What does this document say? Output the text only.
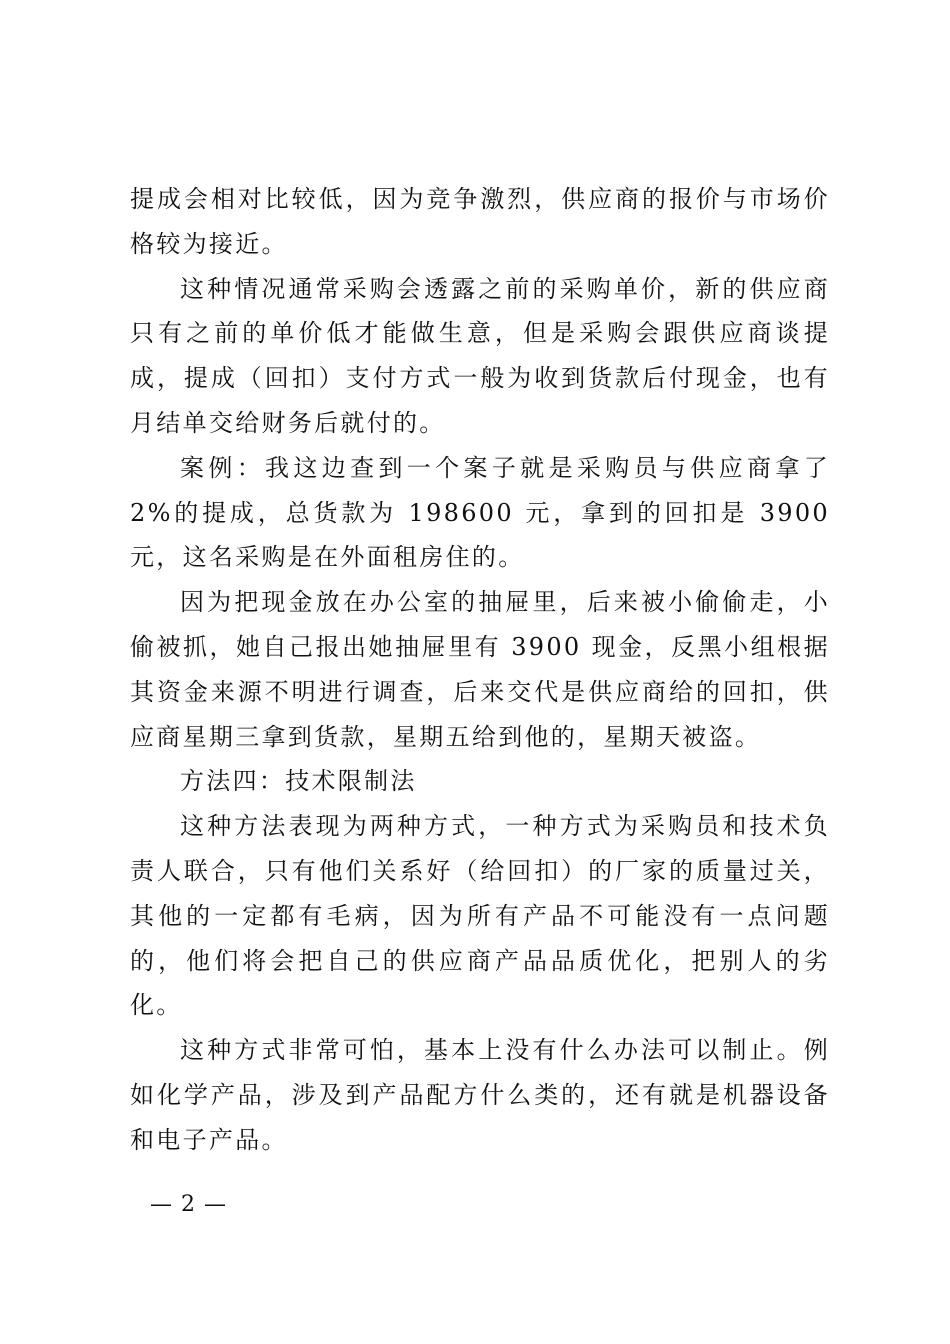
提成会相对比较低，因为竞争激烈，供应商的报价与市场价格较为接近。

这种情况通常采购会透露之前的采购单价，新的供应商只有之前的单价低才能做生意，但是采购会跟供应商谈提成，提成（回扣）支付方式一般为收到货款后付现金，也有月结单交给财务后就付的。

案例：我这边查到一个案子就是采购员与供应商拿了 2%的提成，总货款为 198600 元，拿到的回扣是 3900 元，这名采购是在外面租房住的。

因为把现金放在办公室的抽屉里，后来被小偷偷走，小偷被抓，她自己报出她抽屉里有 3900 现金，反黑小组根据其资金来源不明进行调查，后来交代是供应商给的回扣，供应商星期三拿到货款，星期五给到他的，星期天被盗。

方法四：技术限制法

这种方法表现为两种方式，一种方式为采购员和技术负责人联合，只有他们关系好（给回扣）的厂家的质量过关，其他的一定都有毛病，因为所有产品不可能没有一点问题的，他们将会把自己的供应商产品品质优化，把别人的劣化。

这种方式非常可怕，基本上没有什么办法可以制止。例如化学产品，涉及到产品配方什么类的，还有就是机器设备和电子产品。

— 2 —
